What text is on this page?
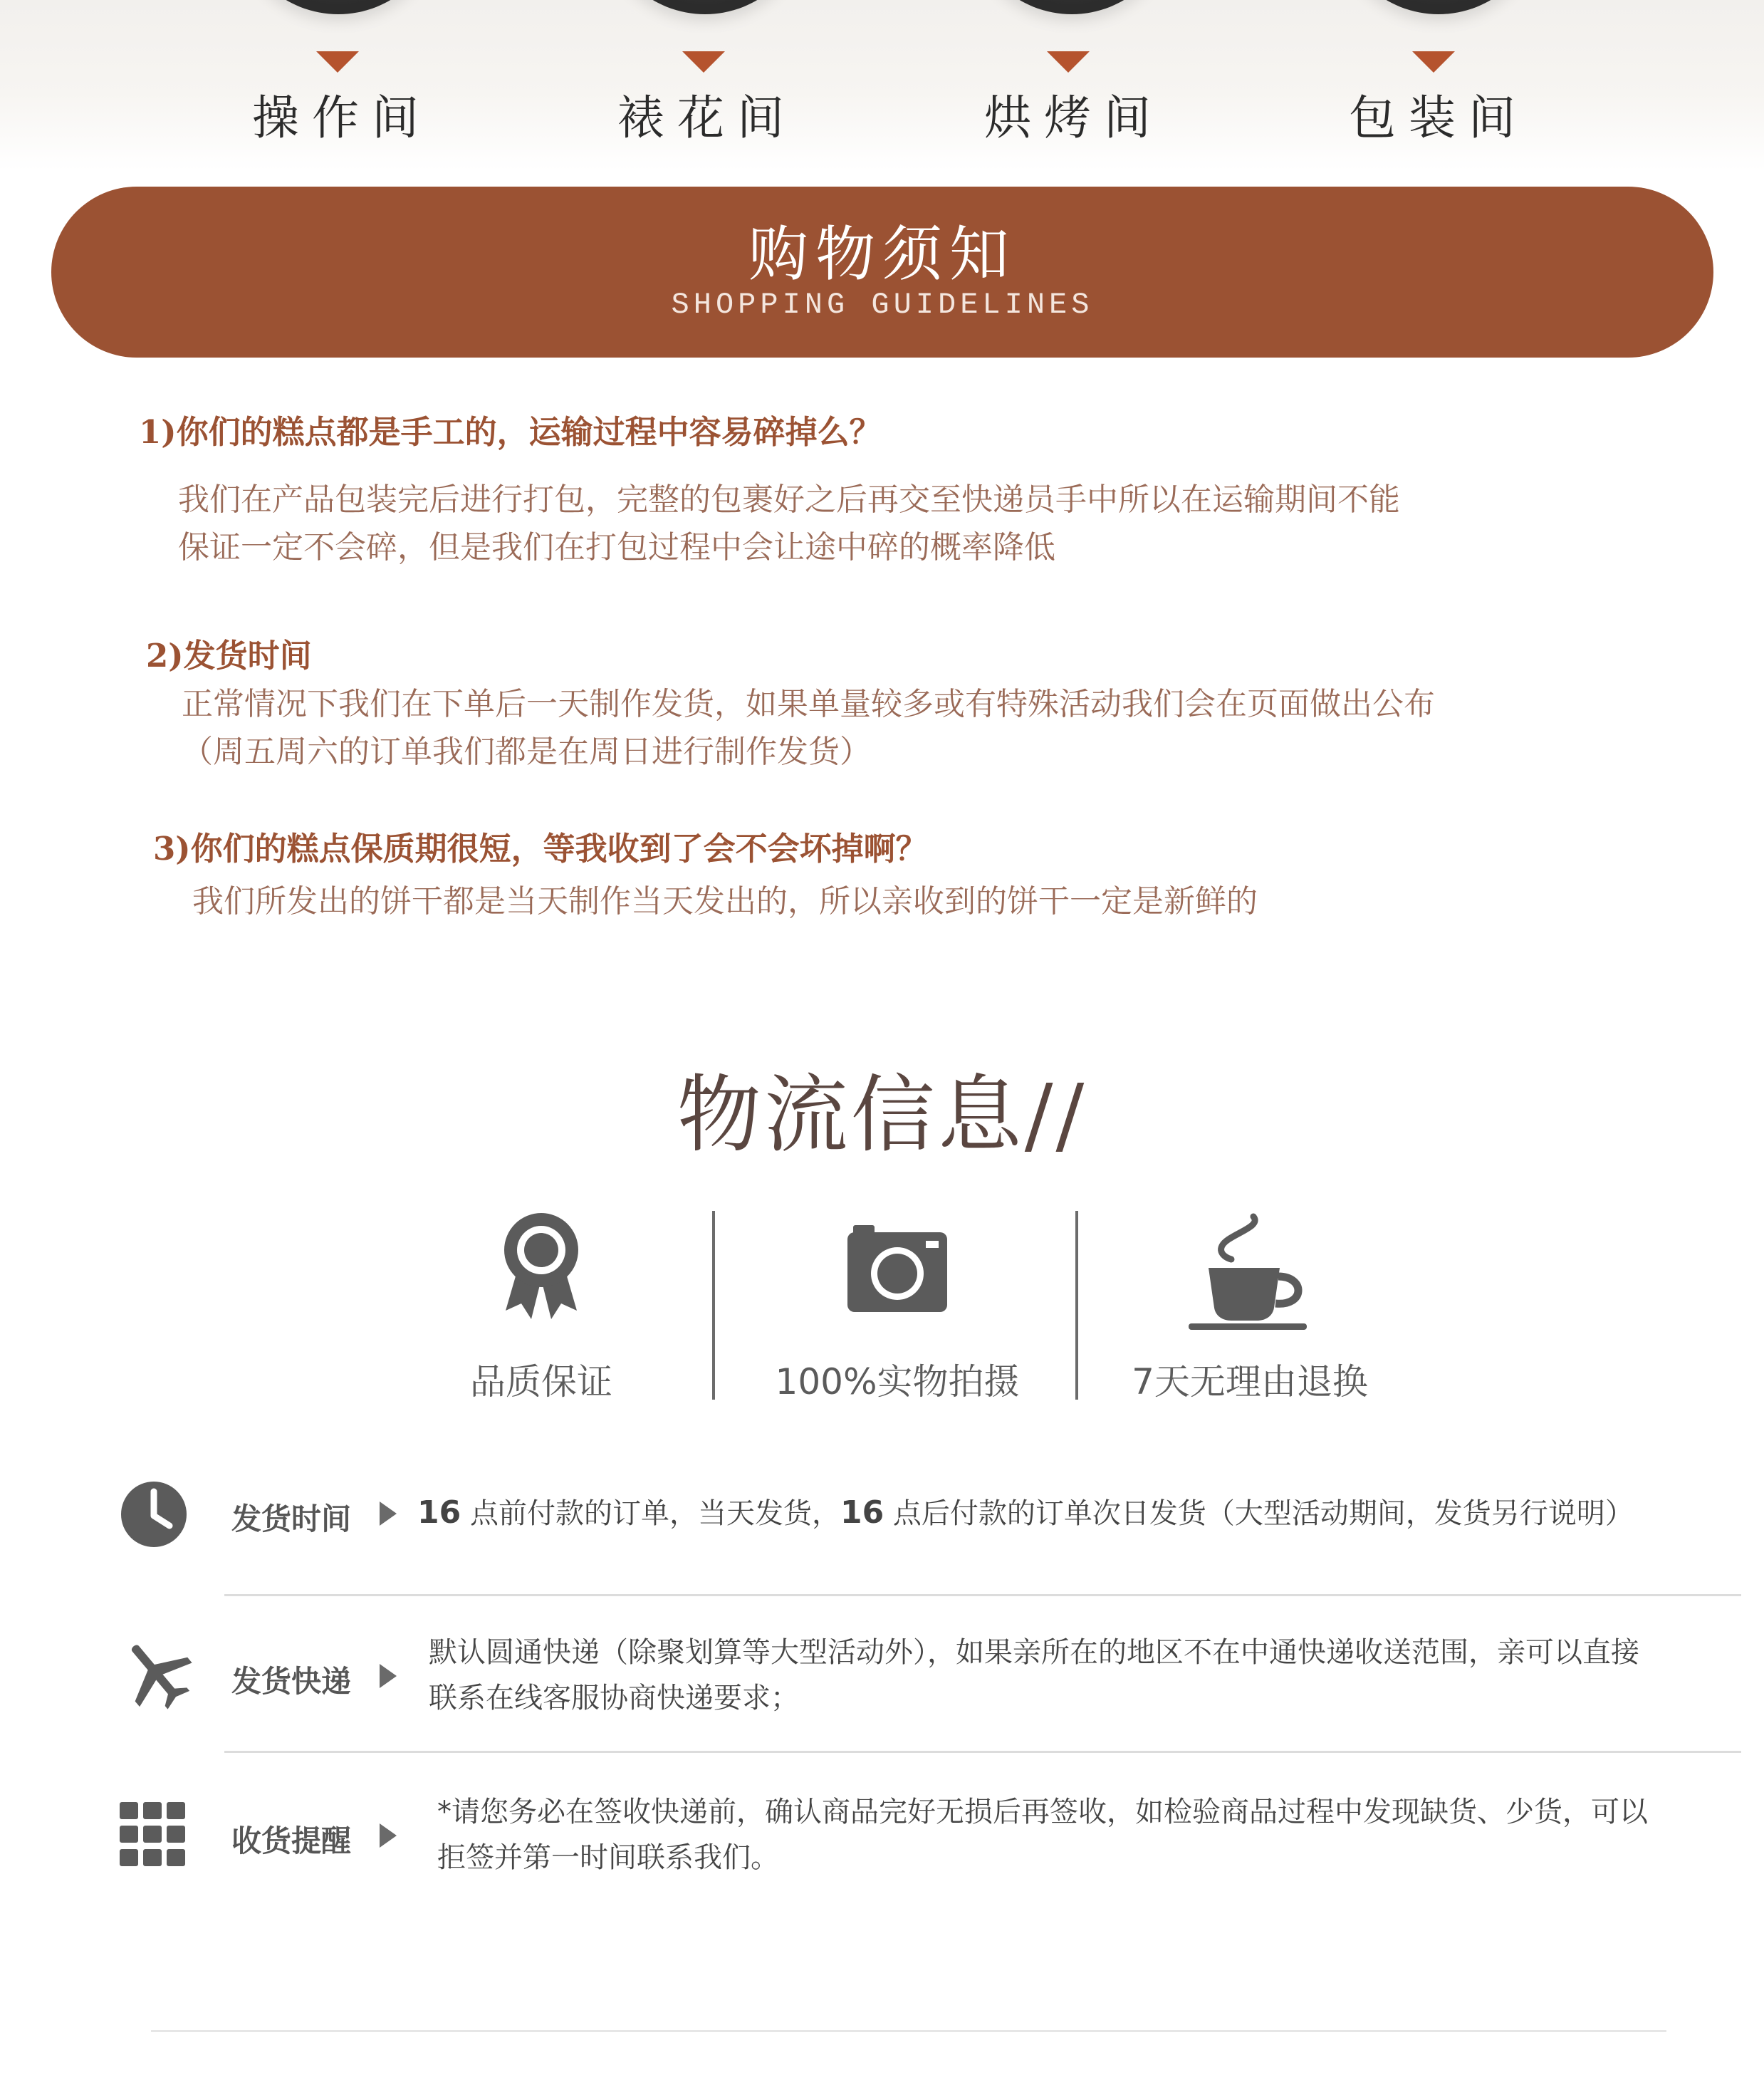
操作间	裱花间	烘烤间	包装间
购物须知
SHOPPING GUIDELINES
1)你们的糕点都是手工的，运输过程中容易碎掉么？
我们在产品包装完后进行打包，完整的包裹好之后再交至快递员手中所以在运输期间不能
保证一定不会碎，但是我们在打包过程中会让途中碎的概率降低
2)发货时间
正常情况下我们在下单后一天制作发货，如果单量较多或有特殊活动我们会在页面做出公布
（周五周六的订单我们都是在周日进行制作发货）
3)你们的糕点保质期很短，等我收到了会不会坏掉啊？
我们所发出的饼干都是当天制作当天发出的，所以亲收到的饼干一定是新鲜的
物流信息//
品质保证	100%实物拍摄	7天无理由退换
发货时间 16 点前付款的订单，当天发货，16 点后付款的订单次日发货（大型活动期间，发货另行说明）
发货快递
默认圆通快递（除聚划算等大型活动外），如果亲所在的地区不在中通快递收送范围，亲可以直接
联系在线客服协商快递要求；
收货提醒
*请您务必在签收快递前，确认商品完好无损后再签收，如检验商品过程中发现缺货、少货，可以
拒签并第一时间联系我们。
